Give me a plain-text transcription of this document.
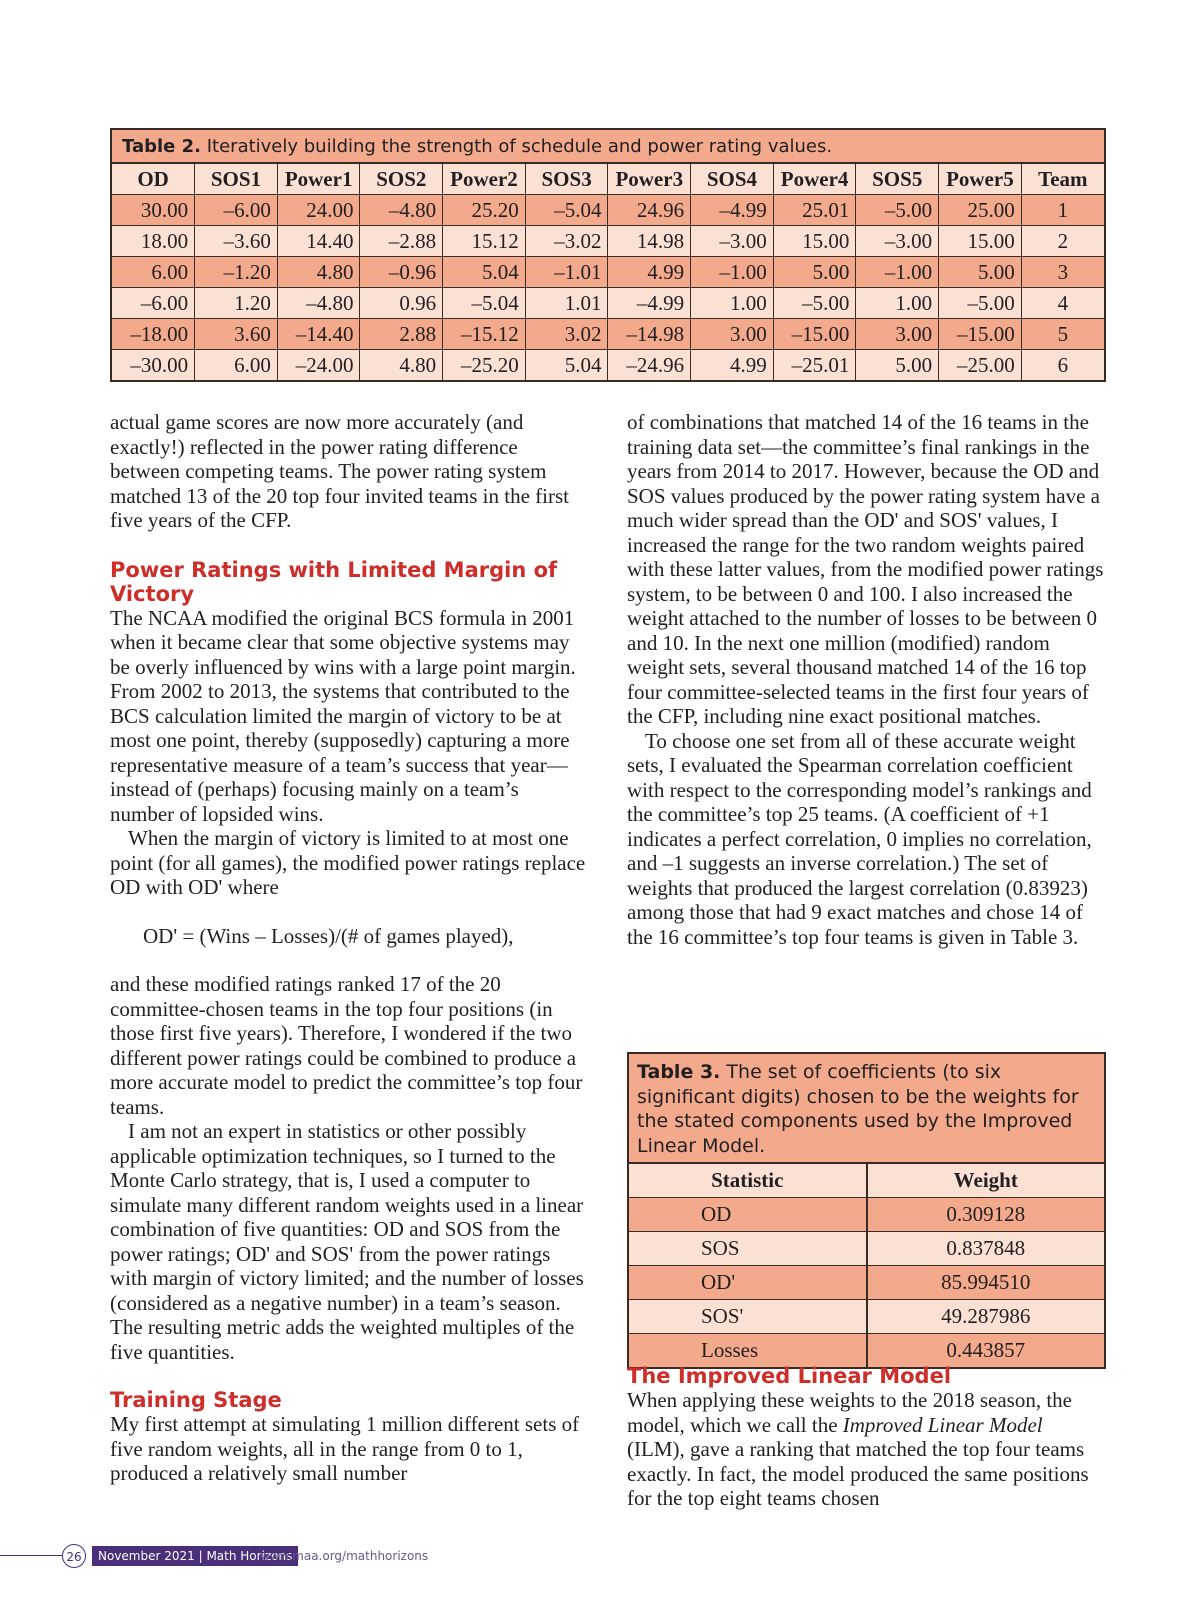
Table 2. Iteratively building the strength of schedule and power rating values.
OD	SOS1	Power1	SOS2	Power2	SOS3	Power3	SOS4	Power4	SOS5	Power5	Team
30.00	–6.00	24.00	–4.80	25.20	–5.04	24.96	–4.99	25.01	–5.00	25.00	1
18.00	–3.60	14.40	–2.88	15.12	–3.02	14.98	–3.00	15.00	–3.00	15.00	2
6.00	–1.20	4.80	–0.96	5.04	–1.01	4.99	–1.00	5.00	–1.00	5.00	3
–6.00	1.20	–4.80	0.96	–5.04	1.01	–4.99	1.00	–5.00	1.00	–5.00	4
–18.00	3.60	–14.40	2.88	–15.12	3.02	–14.98	3.00	–15.00	3.00	–15.00	5
–30.00	6.00	–24.00	4.80	–25.20	5.04	–24.96	4.99	–25.01	5.00	–25.00	6

actual game scores are now more accurately (and exactly!) reflected in the power rating difference between competing teams. The power rating system matched 13 of the 20 top four invited teams in the first five years of the CFP.

Power Ratings with Limited Margin of Victory

The NCAA modified the original BCS formula in 2001 when it became clear that some objective systems may be overly influenced by wins with a large point margin. From 2002 to 2013, the systems that contributed to the BCS calculation limited the margin of victory to be at most one point, thereby (supposedly) capturing a more representative measure of a team’s success that year—instead of (perhaps) focusing mainly on a team’s number of lopsided wins.

When the margin of victory is limited to at most one point (for all games), the modified power ratings replace OD with OD' where

OD' = (Wins – Losses)/(# of games played),

and these modified ratings ranked 17 of the 20 committee-chosen teams in the top four positions (in those first five years). Therefore, I wondered if the two different power ratings could be combined to produce a more accurate model to predict the committee’s top four teams.

I am not an expert in statistics or other possibly applicable optimization techniques, so I turned to the Monte Carlo strategy, that is, I used a computer to simulate many different random weights used in a linear combination of five quantities: OD and SOS from the power ratings; OD' and SOS' from the power ratings with margin of victory limited; and the number of losses (considered as a negative number) in a team’s season. The resulting metric adds the weighted multiples of the five quantities.

Training Stage

My first attempt at simulating 1 million different sets of five random weights, all in the range from 0 to 1, produced a relatively small number

of combinations that matched 14 of the 16 teams in the training data set—the committee’s final rankings in the years from 2014 to 2017. However, because the OD and SOS values produced by the power rating system have a much wider spread than the OD' and SOS' values, I increased the range for the two random weights paired with these latter values, from the modified power ratings system, to be between 0 and 100. I also increased the weight attached to the number of losses to be between 0 and 10. In the next one million (modified) random weight sets, several thousand matched 14 of the 16 top four committee-selected teams in the first four years of the CFP, including nine exact positional matches.

To choose one set from all of these accurate weight sets, I evaluated the Spearman correlation coefficient with respect to the corresponding model’s rankings and the committee’s top 25 teams. (A coefficient of +1 indicates a perfect correlation, 0 implies no correlation, and –1 suggests an inverse correlation.) The set of weights that produced the largest correlation (0.83923) among those that had 9 exact matches and chose 14 of the 16 committee’s top four teams is given in Table 3.

Table 3. The set of coefficients (to six significant digits) chosen to be the weights for the stated components used by the Improved Linear Model.
Statistic	Weight
OD	0.309128
SOS	0.837848
OD'	85.994510
SOS'	49.287986
Losses	0.443857
The Improved Linear Model

When applying these weights to the 2018 season, the model, which we call the Improved Linear Model (ILM), gave a ranking that matched the top four teams exactly. In fact, the model produced the same positions for the top eight teams chosen

26	November 2021 | Math Horizons
www.maa.org/mathhorizons
